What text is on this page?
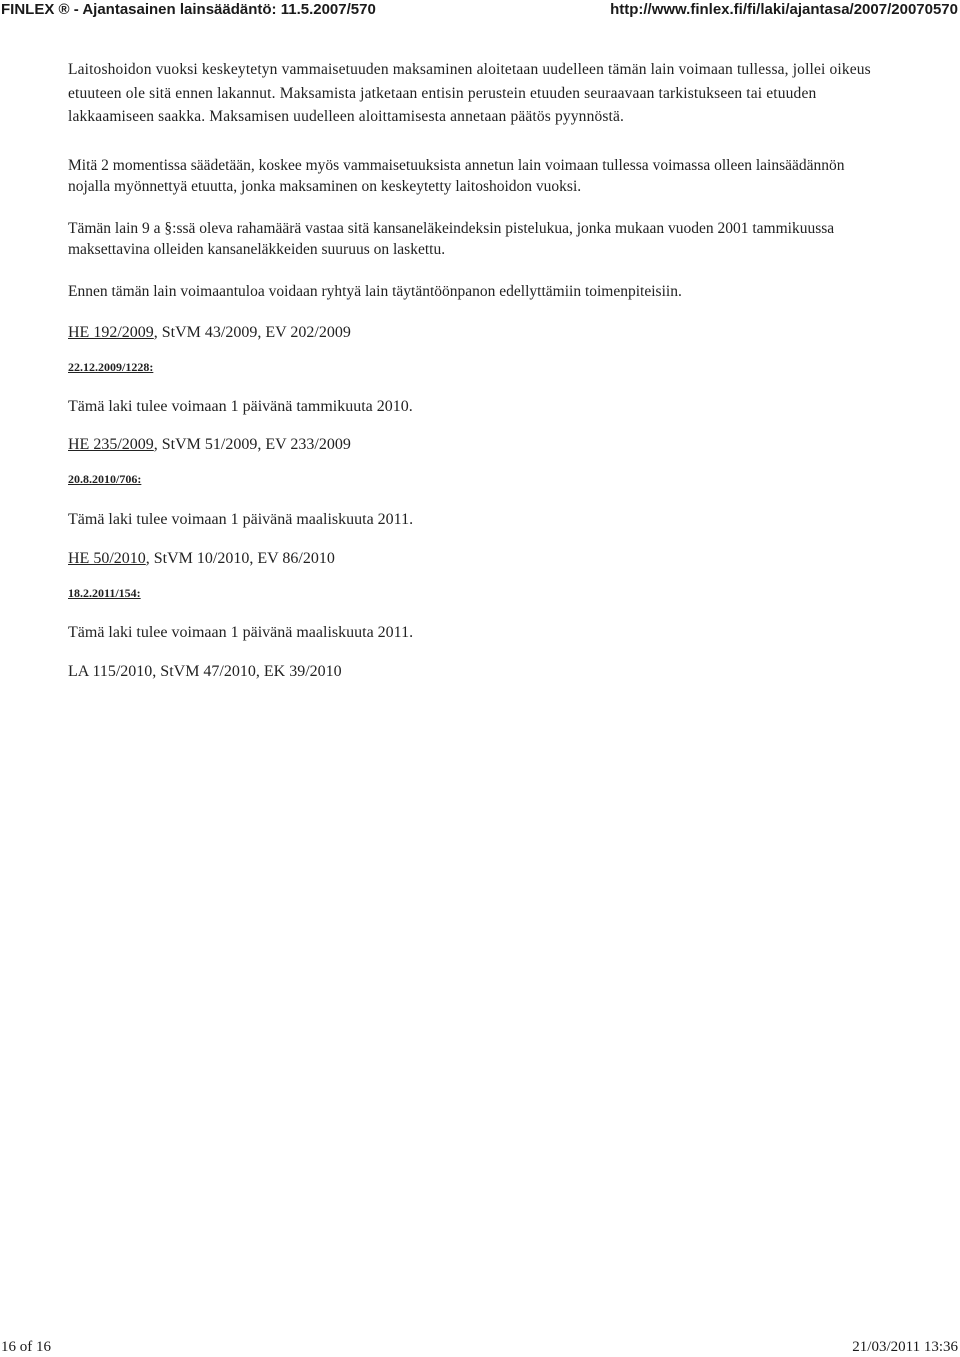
FINLEX ® - Ajantasainen lainsäädäntö: 11.5.2007/570	http://www.finlex.fi/fi/laki/ajantasa/2007/20070570

Laitoshoidon vuoksi keskeytetyn vammaisetuuden maksaminen aloitetaan uudelleen tämän lain voimaan tullessa, jollei oikeus etuuteen ole sitä ennen lakannut. Maksamista jatketaan entisin perustein etuuden seuraavaan tarkistukseen tai etuuden lakkaamiseen saakka. Maksamisen uudelleen aloittamisesta annetaan päätös pyynnöstä.

Mitä 2 momentissa säädetään, koskee myös vammaisetuuksista annetun lain voimaan tullessa voimassa olleen lainsäädännön nojalla myönnettyä etuutta, jonka maksaminen on keskeytetty laitoshoidon vuoksi.

Tämän lain 9 a §:ssä oleva rahamäärä vastaa sitä kansaneläkeindeksin pistelukua, jonka mukaan vuoden 2001 tammikuussa maksettavina olleiden kansaneläkkeiden suuruus on laskettu.

Ennen tämän lain voimaantuloa voidaan ryhtyä lain täytäntöönpanon edellyttämiin toimenpiteisiin.

HE 192/2009, StVM 43/2009, EV 202/2009

22.12.2009/1228:

Tämä laki tulee voimaan 1 päivänä tammikuuta 2010.

HE 235/2009, StVM 51/2009, EV 233/2009

20.8.2010/706:

Tämä laki tulee voimaan 1 päivänä maaliskuuta 2011.

HE 50/2010, StVM 10/2010, EV 86/2010

18.2.2011/154:

Tämä laki tulee voimaan 1 päivänä maaliskuuta 2011.

LA 115/2010, StVM 47/2010, EK 39/2010

16 of 16	21/03/2011 13:36
